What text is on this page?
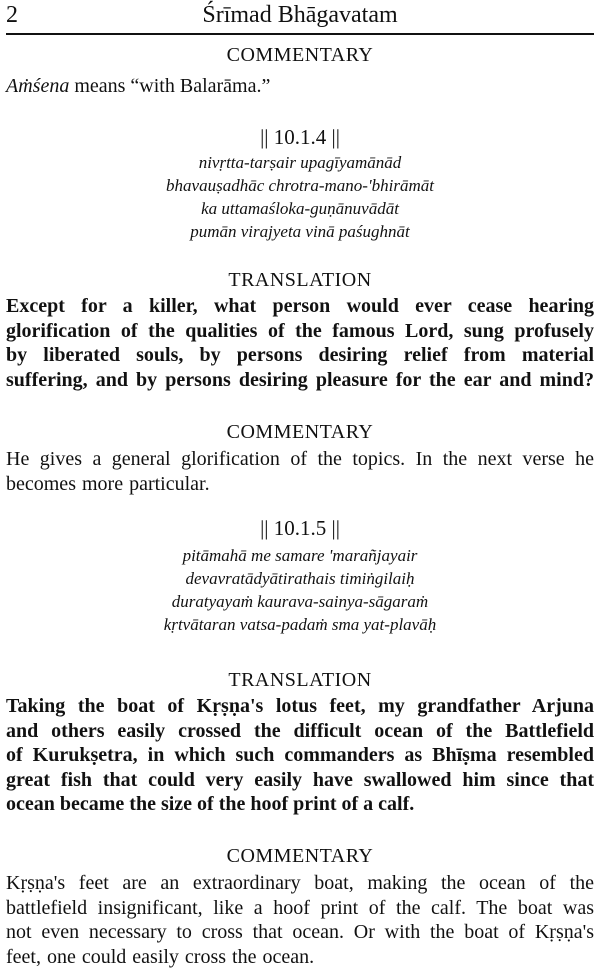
2	Śrīmad Bhāgavatam
COMMENTARY

Aṁśena means “with Balarāma.”

|| 10.1.4 ||
nivṛtta-tarṣair upagīyamānād
bhavauṣadhāc chrotra-mano-'bhirāmāt
ka uttamaśloka-guṇānuvādāt
pumān virajyeta vinā paśughnāt
TRANSLATION

Except for a killer, what person would ever cease hearing
glorification of the qualities of the famous Lord, sung profusely
by liberated souls, by persons desiring relief from material
suffering, and by persons desiring pleasure for the ear and mind?

COMMENTARY

He gives a general glorification of the topics. In the next verse he
becomes more particular.

|| 10.1.5 ||
pitāmahā me samare 'marañjayair
devavratādyātirathais timiṅgilaiḥ
duratyayaṁ kaurava-sainya-sāgaraṁ
kṛtvātaran vatsa-padaṁ sma yat-plavāḥ
TRANSLATION

Taking the boat of Kṛṣṇa's lotus feet, my grandfather Arjuna
and others easily crossed the difficult ocean of the Battlefield
of Kurukṣetra, in which such commanders as Bhīṣma resembled
great fish that could very easily have swallowed him since that
ocean became the size of the hoof print of a calf.

COMMENTARY

Kṛṣṇa's feet are an extraordinary boat, making the ocean of the
battlefield insignificant, like a hoof print of the calf. The boat was
not even necessary to cross that ocean. Or with the boat of Kṛṣṇa's
feet, one could easily cross the ocean.
